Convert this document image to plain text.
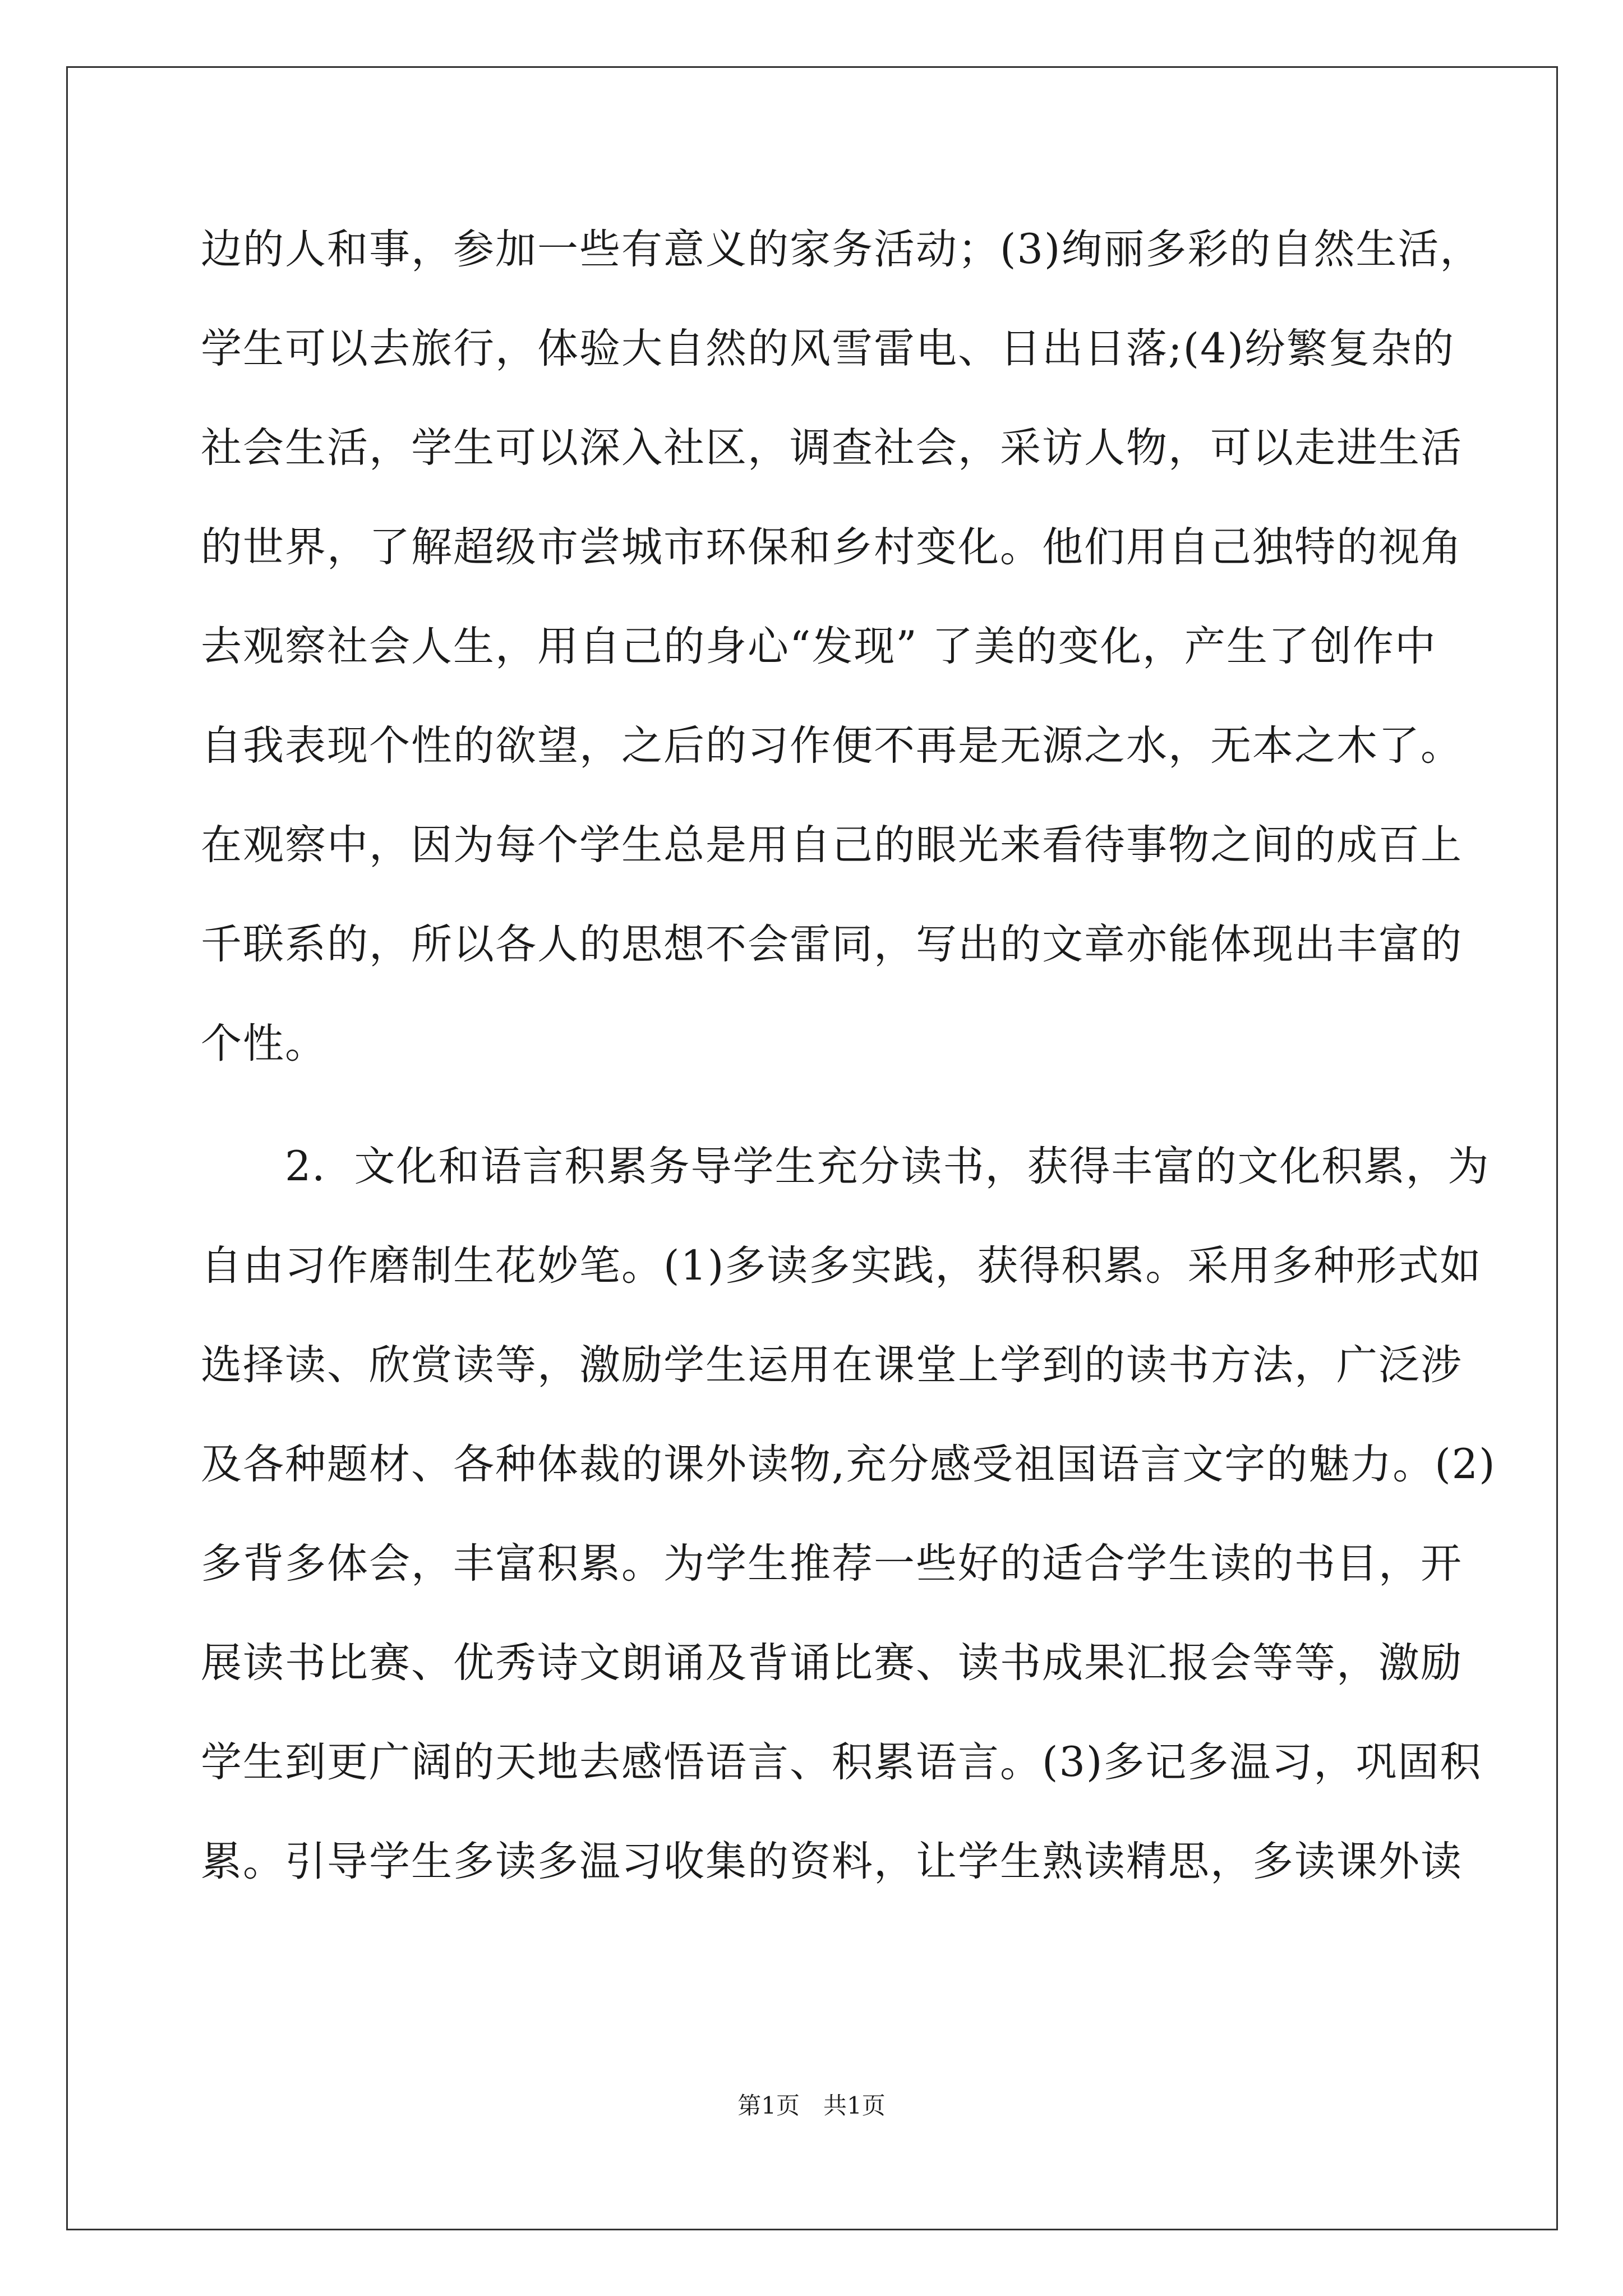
边的人和事，参加一些有意义的家务活动；(3)绚丽多彩的自然生活，
学生可以去旅行，体验大自然的风雪雷电、日出日落;(4)纷繁复杂的
社会生活，学生可以深入社区，调查社会，采访人物，可以走进生活
的世界，了解超级市尝城市环保和乡村变化。他们用自己独特的视角
去观察社会人生，用自己的身心“发现” 了美的变化，产生了创作中
自我表现个性的欲望，之后的习作便不再是无源之水，无本之木了。
在观察中，因为每个学生总是用自己的眼光来看待事物之间的成百上
千联系的，所以各人的思想不会雷同，写出的文章亦能体现出丰富的
个性。
　　2．文化和语言积累务导学生充分读书，获得丰富的文化积累，为
自由习作磨制生花妙笔。(1)多读多实践，获得积累。采用多种形式如
选择读、欣赏读等，激励学生运用在课堂上学到的读书方法，广泛涉
及各种题材、各种体裁的课外读物,充分感受祖国语言文字的魅力。(2)
多背多体会，丰富积累。为学生推荐一些好的适合学生读的书目，开
展读书比赛、优秀诗文朗诵及背诵比赛、读书成果汇报会等等，激励
学生到更广阔的天地去感悟语言、积累语言。(3)多记多温习，巩固积
累。引导学生多读多温习收集的资料，让学生熟读精思，多读课外读
第1页　共1页
